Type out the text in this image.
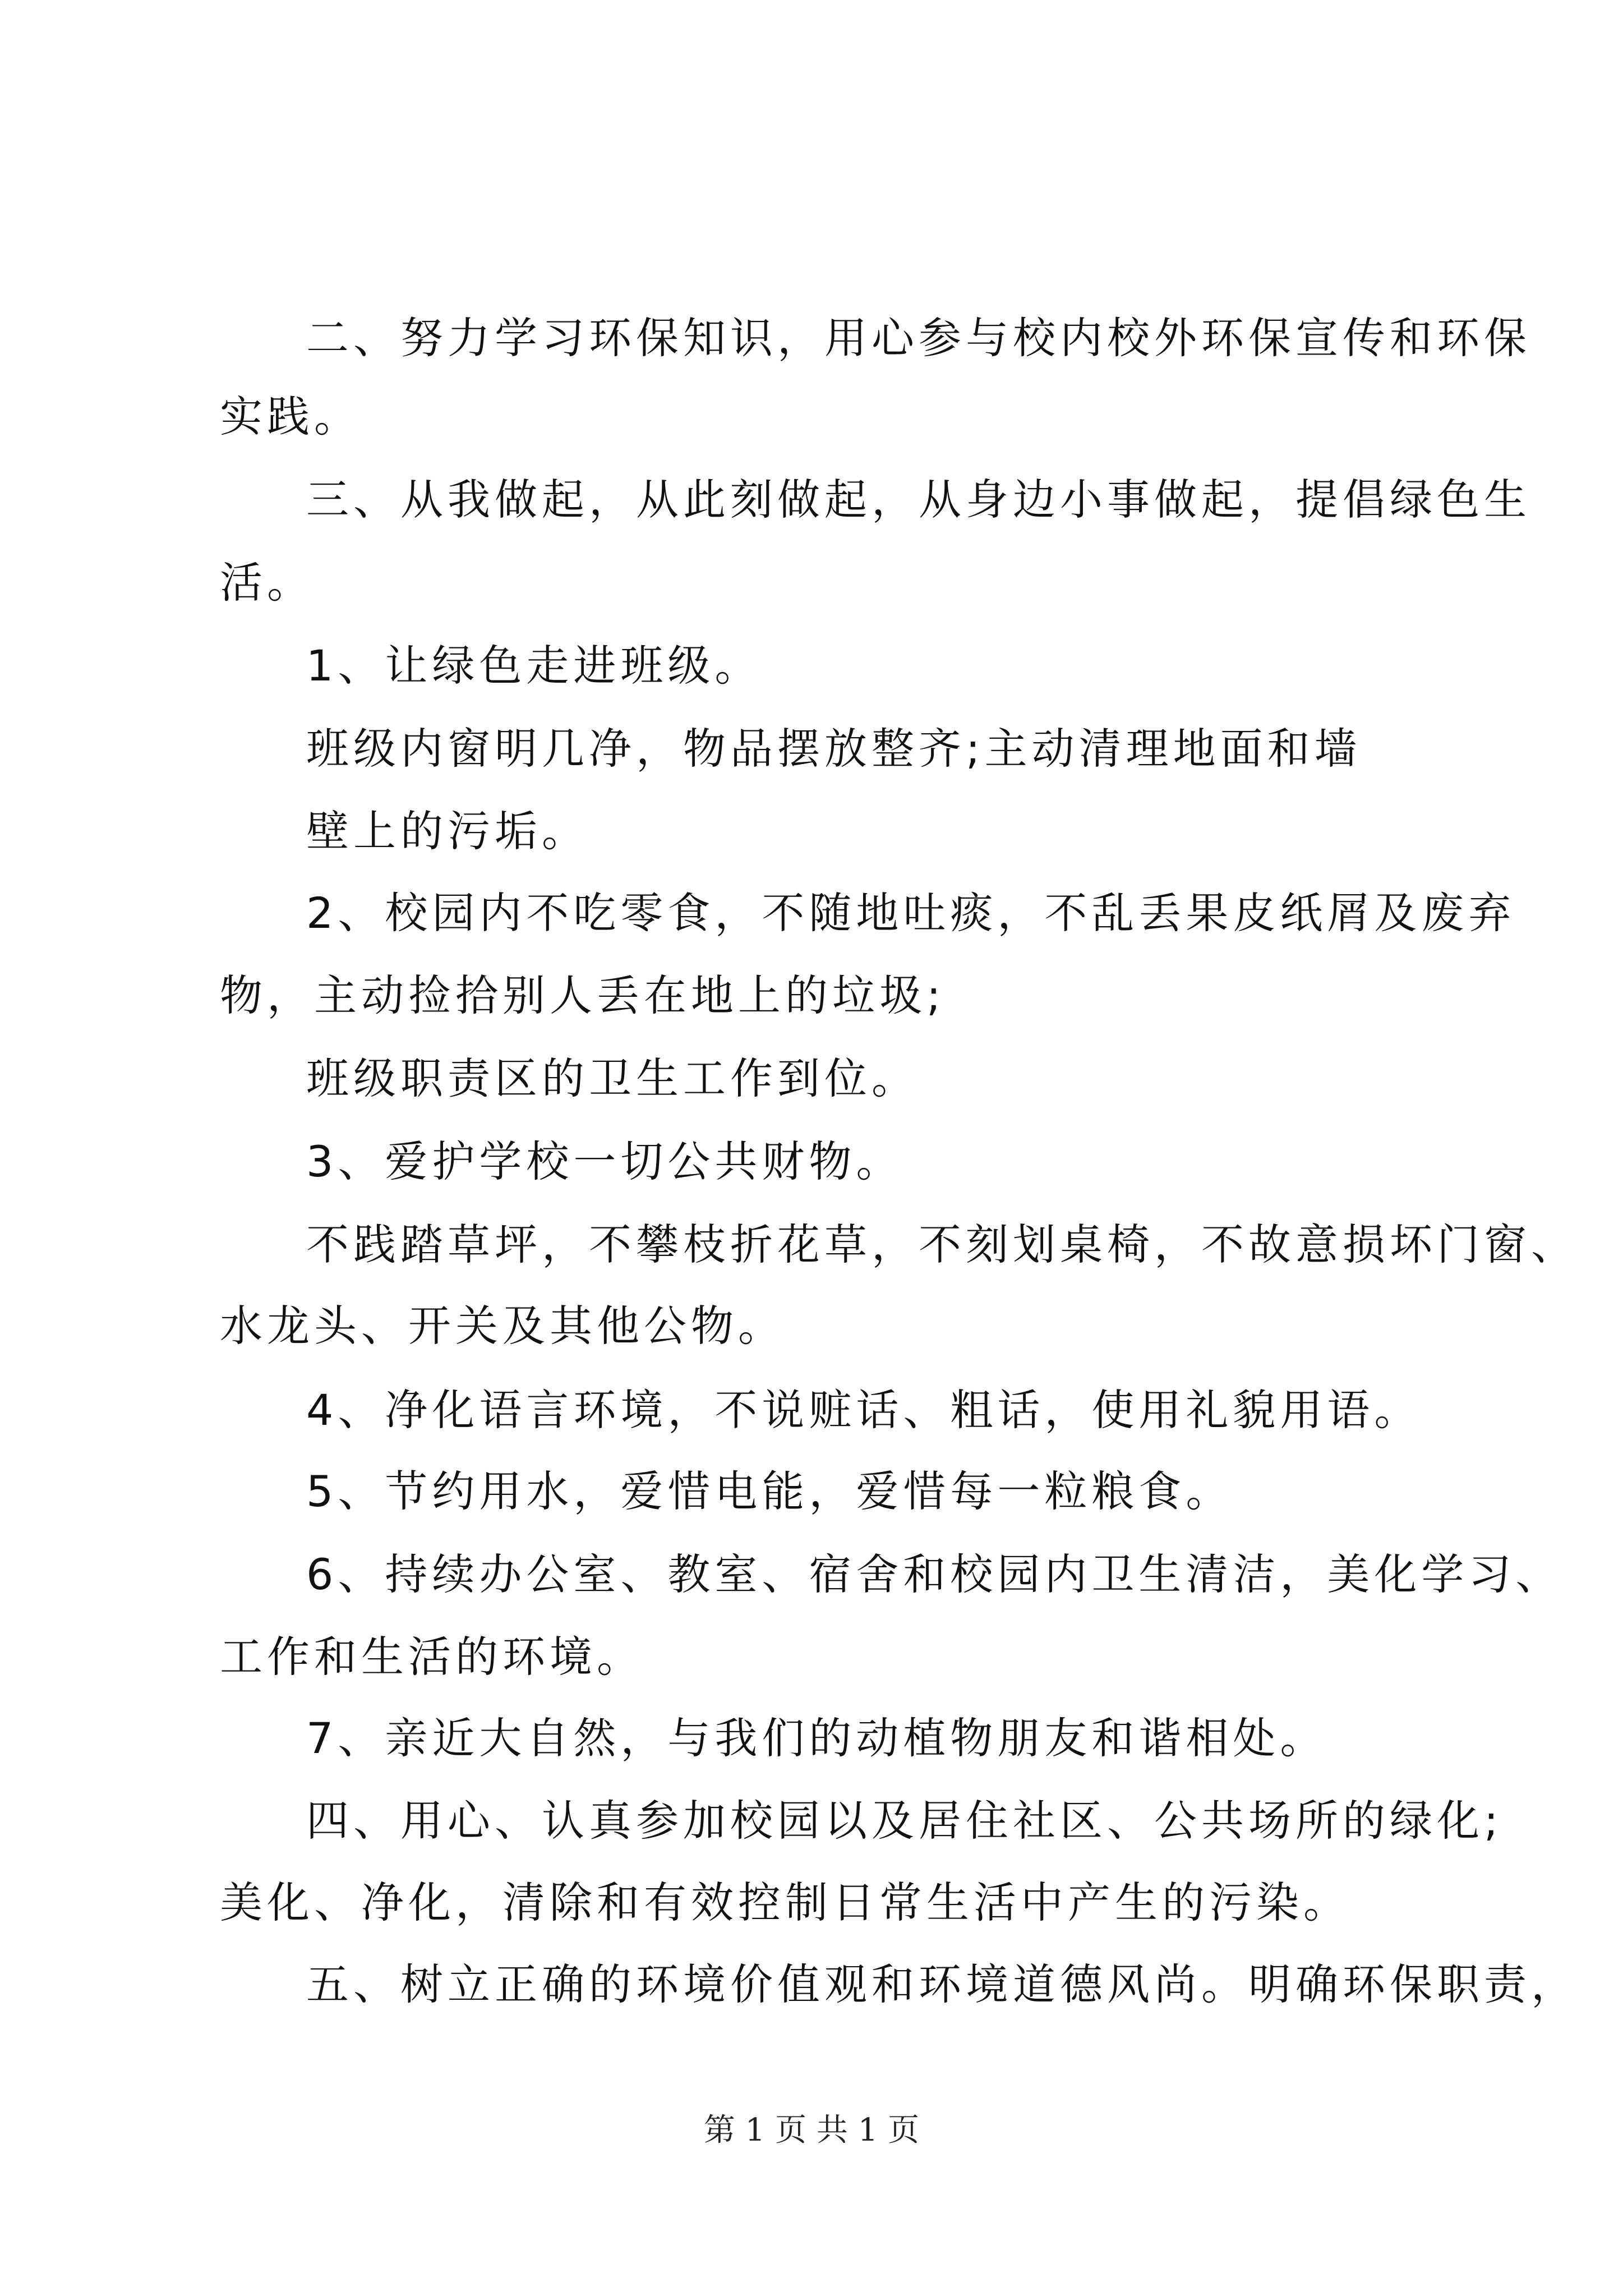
二、努力学习环保知识，用心参与校内校外环保宣传和环保
实践。
三、从我做起，从此刻做起，从身边小事做起，提倡绿色生
活。
1、让绿色走进班级。
班级内窗明几净，物品摆放整齐;主动清理地面和墙
壁上的污垢。
2、校园内不吃零食，不随地吐痰，不乱丢果皮纸屑及废弃
物，主动捡拾别人丢在地上的垃圾;
班级职责区的卫生工作到位。
3、爱护学校一切公共财物。
不践踏草坪，不攀枝折花草，不刻划桌椅，不故意损坏门窗、
水龙头、开关及其他公物。
4、净化语言环境，不说赃话、粗话，使用礼貌用语。
5、节约用水，爱惜电能，爱惜每一粒粮食。
6、持续办公室、教室、宿舍和校园内卫生清洁，美化学习、
工作和生活的环境。
7、亲近大自然，与我们的动植物朋友和谐相处。
四、用心、认真参加校园以及居住社区、公共场所的绿化;
美化、净化，清除和有效控制日常生活中产生的污染。
五、树立正确的环境价值观和环境道德风尚。明确环保职责，
第 1 页 共 1 页
